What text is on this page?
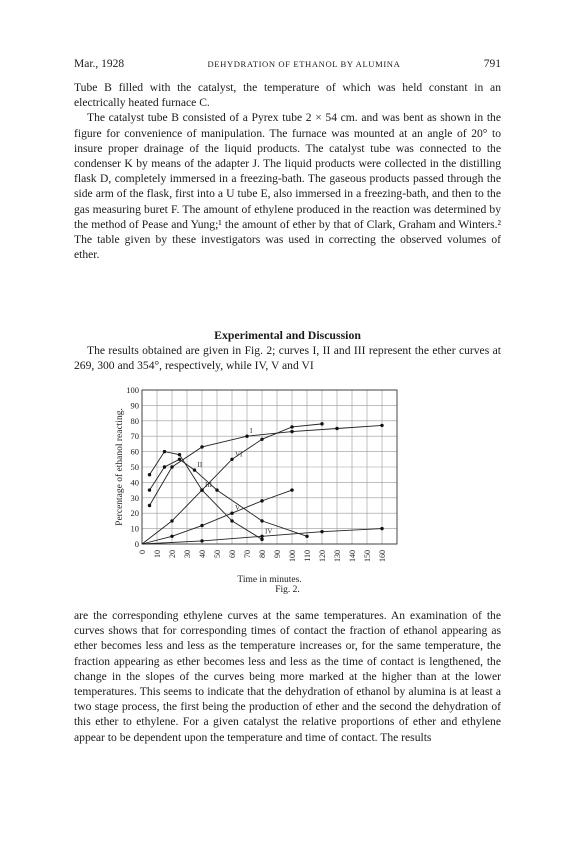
Mar., 1928	DEHYDRATION OF ETHANOL BY ALUMINA	791

Tube B filled with the catalyst, the temperature of which was held constant in an electrically heated furnace C.

The catalyst tube B consisted of a Pyrex tube 2 × 54 cm. and was bent as shown in the figure for convenience of manipulation. The furnace was mounted at an angle of 20° to insure proper drainage of the liquid products. The catalyst tube was connected to the condenser K by means of the adapter J. The liquid products were collected in the distilling flask D, completely immersed in a freezing-bath. The gaseous products passed through the side arm of the flask, first into a U tube E, also immersed in a freezing-bath, and then to the gas measuring buret F. The amount of ethylene produced in the reaction was determined by the method of Pease and Yung;¹ the amount of ether by that of Clark, Graham and Winters.² The table given by these investigators was used in correcting the observed volumes of ether.

Experimental and Discussion

The results obtained are given in Fig. 2; curves I, II and III represent the ether curves at 269, 300 and 354°, respectively, while IV, V and VI

0
10
20
30
40
50
60
70
80
90
100
0 10 20 30 40 50 60 70 80 90 100 110 120 130 140 150 160
Time in minutes.
Percentage of ethanol reacting.	I
II
III
IV
V
VI
Fig. 2.

are the corresponding ethylene curves at the same temperatures. An examination of the curves shows that for corresponding times of contact the fraction of ethanol appearing as ether becomes less and less as the temperature increases or, for the same temperature, the fraction appearing as ether becomes less and less as the time of contact is lengthened, the change in the slopes of the curves being more marked at the higher than at the lower temperatures. This seems to indicate that the dehydration of ethanol by alumina is at least a two stage process, the first being the production of ether and the second the dehydration of this ether to ethylene. For a given catalyst the relative proportions of ether and ethylene appear to be dependent upon the temperature and time of contact. The results
